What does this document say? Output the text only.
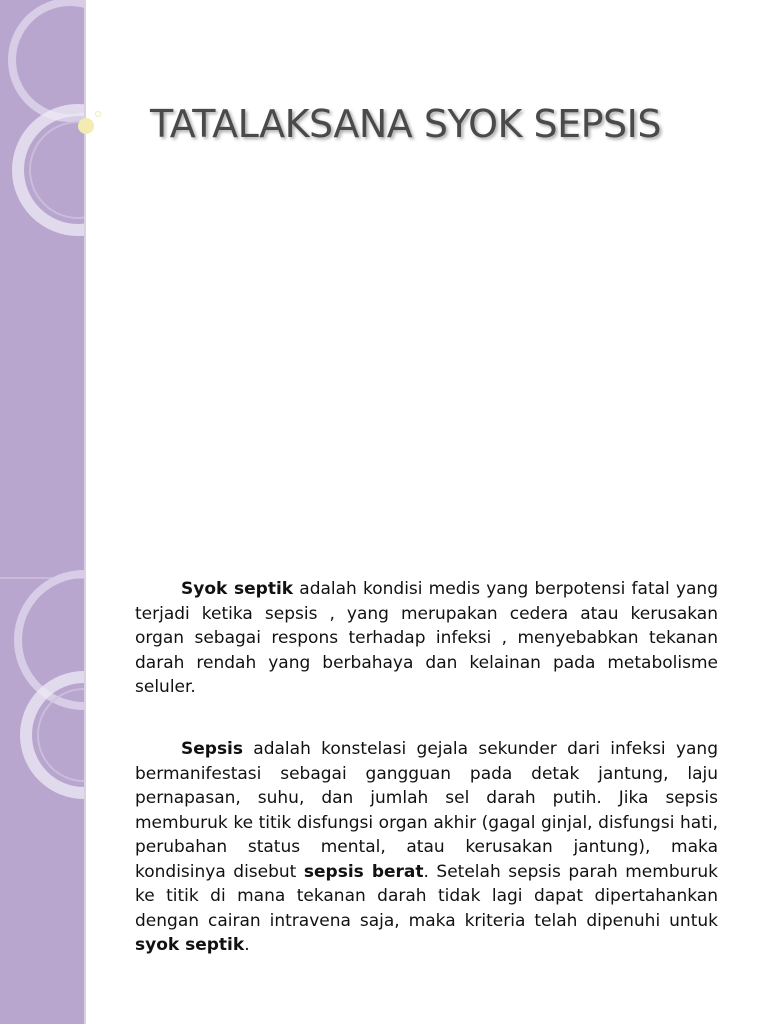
TATALAKSANA SYOK SEPSIS

Syok septik adalah kondisi medis yang berpotensi fatal yang terjadi ketika sepsis , yang merupakan cedera atau kerusakan organ sebagai respons terhadap infeksi , menyebabkan tekanan darah rendah yang berbahaya dan kelainan pada metabolisme seluler.

Sepsis adalah konstelasi gejala sekunder dari infeksi yang bermanifestasi sebagai gangguan pada detak jantung, laju pernapasan, suhu, dan jumlah sel darah putih. Jika sepsis memburuk ke titik disfungsi organ akhir (gagal ginjal, disfungsi hati, perubahan status mental, atau kerusakan jantung), maka kondisinya disebut sepsis berat. Setelah sepsis parah memburuk ke titik di mana tekanan darah tidak lagi dapat dipertahankan dengan cairan intravena saja, maka kriteria telah dipenuhi untuk syok septik.
